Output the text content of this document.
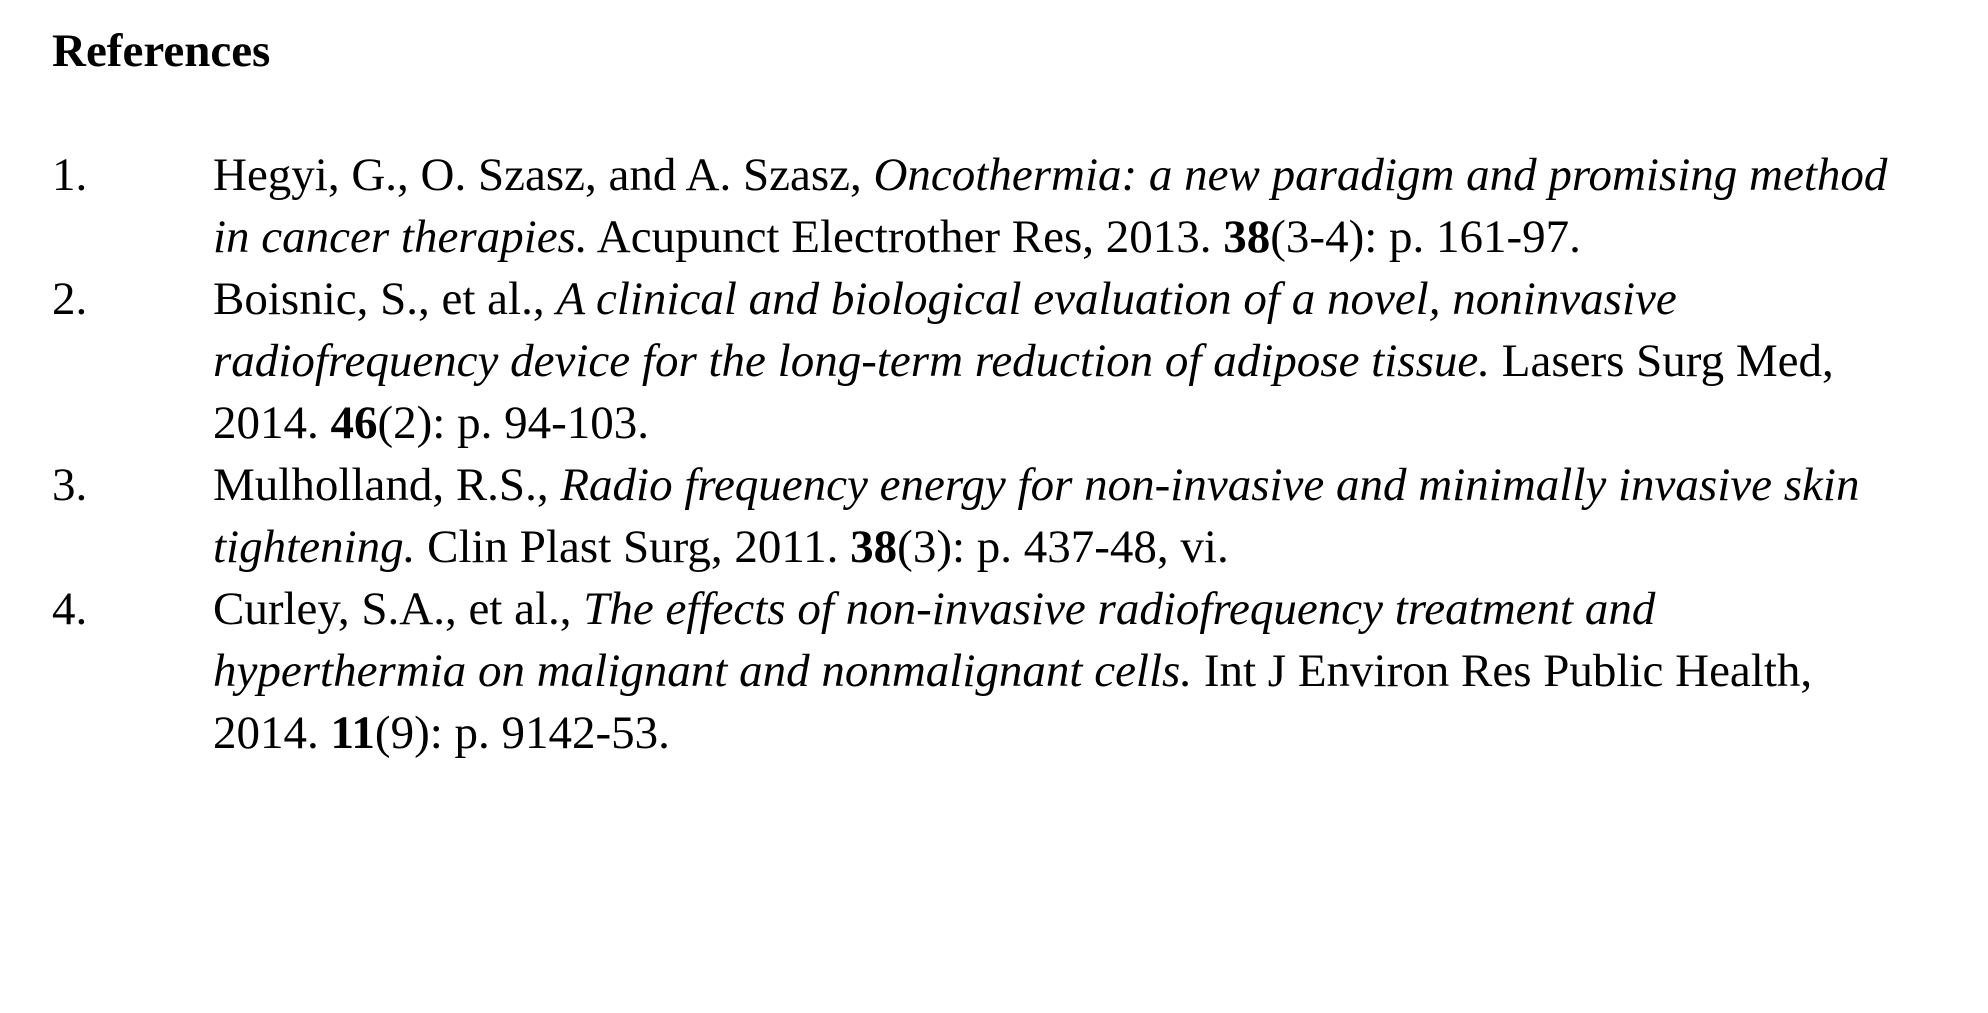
References
1.	Hegyi, G., O. Szasz, and A. Szasz, Oncothermia: a new paradigm and promising method in cancer therapies. Acupunct Electrother Res, 2013. 38(3-4): p. 161-97.
2.	Boisnic, S., et al., A clinical and biological evaluation of a novel, noninvasive radiofrequency device for the long-term reduction of adipose tissue. Lasers Surg Med, 2014. 46(2): p. 94-103.
3.	Mulholland, R.S., Radio frequency energy for non-invasive and minimally invasive skin tightening. Clin Plast Surg, 2011. 38(3): p. 437-48, vi.
4.	Curley, S.A., et al., The effects of non-invasive radiofrequency treatment and hyperthermia on malignant and nonmalignant cells. Int J Environ Res Public Health, 2014. 11(9): p. 9142-53.
